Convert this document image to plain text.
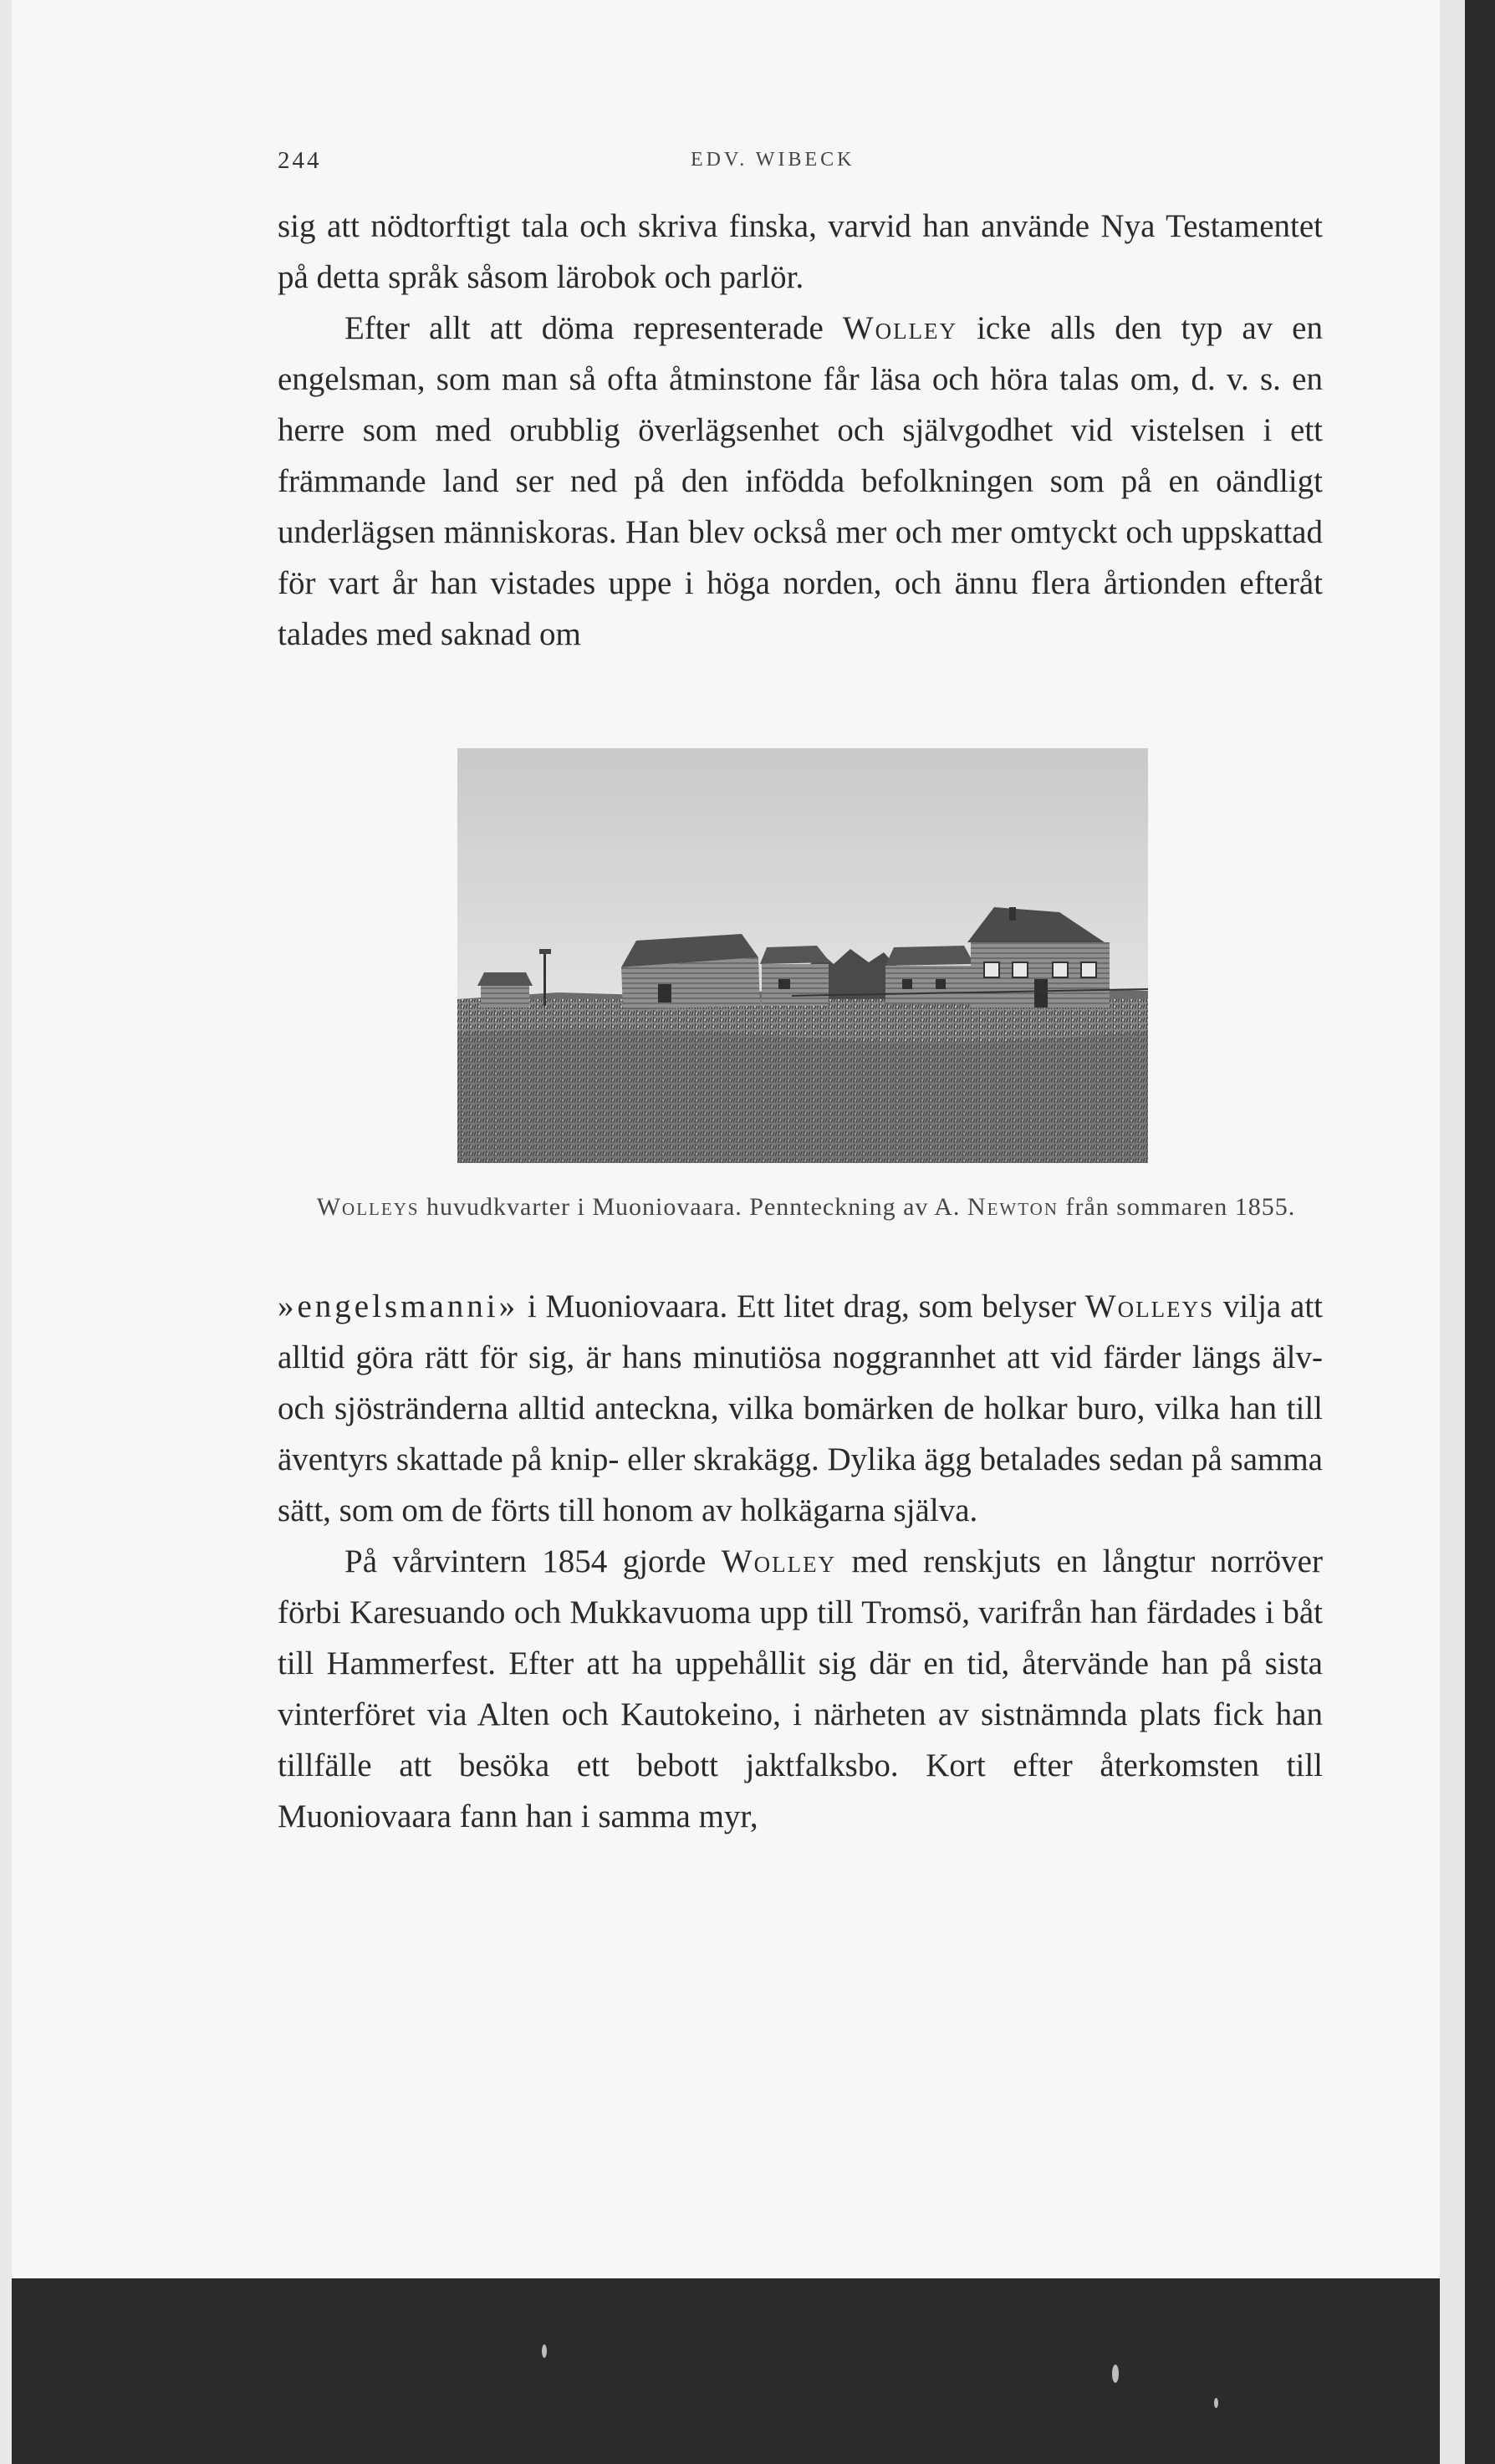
244	EDV. WIBECK

sig att nödtorftigt tala och skriva finska, varvid han använde Nya Testamentet på detta språk såsom lärobok och parlör.

Efter allt att döma representerade Wolley icke alls den typ av en engelsman, som man så ofta åtminstone får läsa och höra talas om, d. v. s. en herre som med orubblig överlägsenhet och självgodhet vid vistelsen i ett främmande land ser ned på den infödda befolkningen som på en oändligt underlägsen människoras. Han blev också mer och mer omtyckt och uppskattad för vart år han vistades uppe i höga norden, och ännu flera årtionden efteråt talades med saknad om

Wolleys huvudkvarter i Muoniovaara. Pennteckning av A. Newton från sommaren 1855.

»engelsmanni» i Muoniovaara. Ett litet drag, som belyser Wolleys vilja att alltid göra rätt för sig, är hans minutiösa noggrannhet att vid färder längs älv- och sjöstränderna alltid anteckna, vilka bomärken de holkar buro, vilka han till äventyrs skattade på knip- eller skrakägg. Dylika ägg betalades sedan på samma sätt, som om de förts till honom av holkägarna själva.

På vårvintern 1854 gjorde Wolley med renskjuts en långtur norröver förbi Karesuando och Mukkavuoma upp till Tromsö, varifrån han färdades i båt till Hammerfest. Efter att ha uppehållit sig där en tid, återvände han på sista vinterföret via Alten och Kautokeino, i närheten av sistnämnda plats fick han tillfälle att besöka ett bebott jaktfalksbo. Kort efter återkomsten till Muoniovaara fann han i samma myr,
